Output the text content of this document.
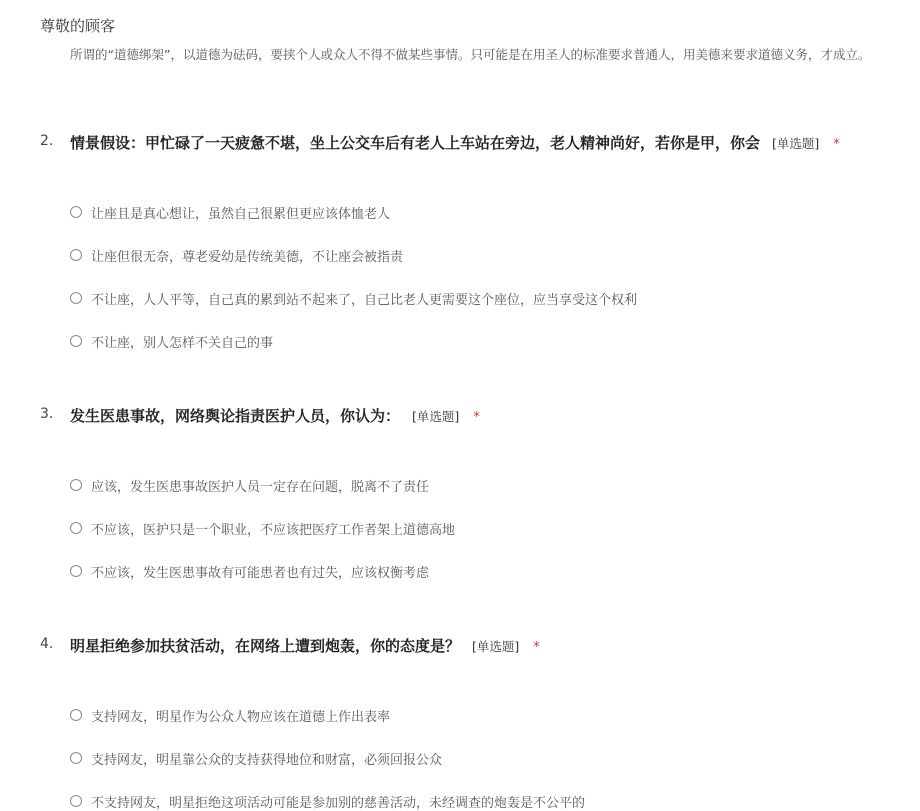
尊敬的顾客
所谓的“道德绑架”，以道德为砝码，要挟个人或众人不得不做某些事情。只可能是在用圣人的标准要求普通人，用美德来要求道德义务，才成立。
2. 情景假设：甲忙碌了一天疲惫不堪，坐上公交车后有老人上车站在旁边，老人精神尚好，若你是甲，你会 [单选题] *
让座且是真心想让，虽然自己很累但更应该体恤老人
让座但很无奈，尊老爱幼是传统美德，不让座会被指责
不让座，人人平等，自己真的累到站不起来了，自己比老人更需要这个座位，应当享受这个权利
不让座，别人怎样不关自己的事
3. 发生医患事故，网络舆论指责医护人员，你认为： [单选题] *
应该，发生医患事故医护人员一定存在问题，脱离不了责任
不应该，医护只是一个职业，不应该把医疗工作者架上道德高地
不应该，发生医患事故有可能患者也有过失，应该权衡考虑
4. 明星拒绝参加扶贫活动，在网络上遭到炮轰，你的态度是？ [单选题] *
支持网友，明星作为公众人物应该在道德上作出表率
支持网友，明星靠公众的支持获得地位和财富，必须回报公众
不支持网友，明星拒绝这项活动可能是参加别的慈善活动，未经调查的炮轰是不公平的
